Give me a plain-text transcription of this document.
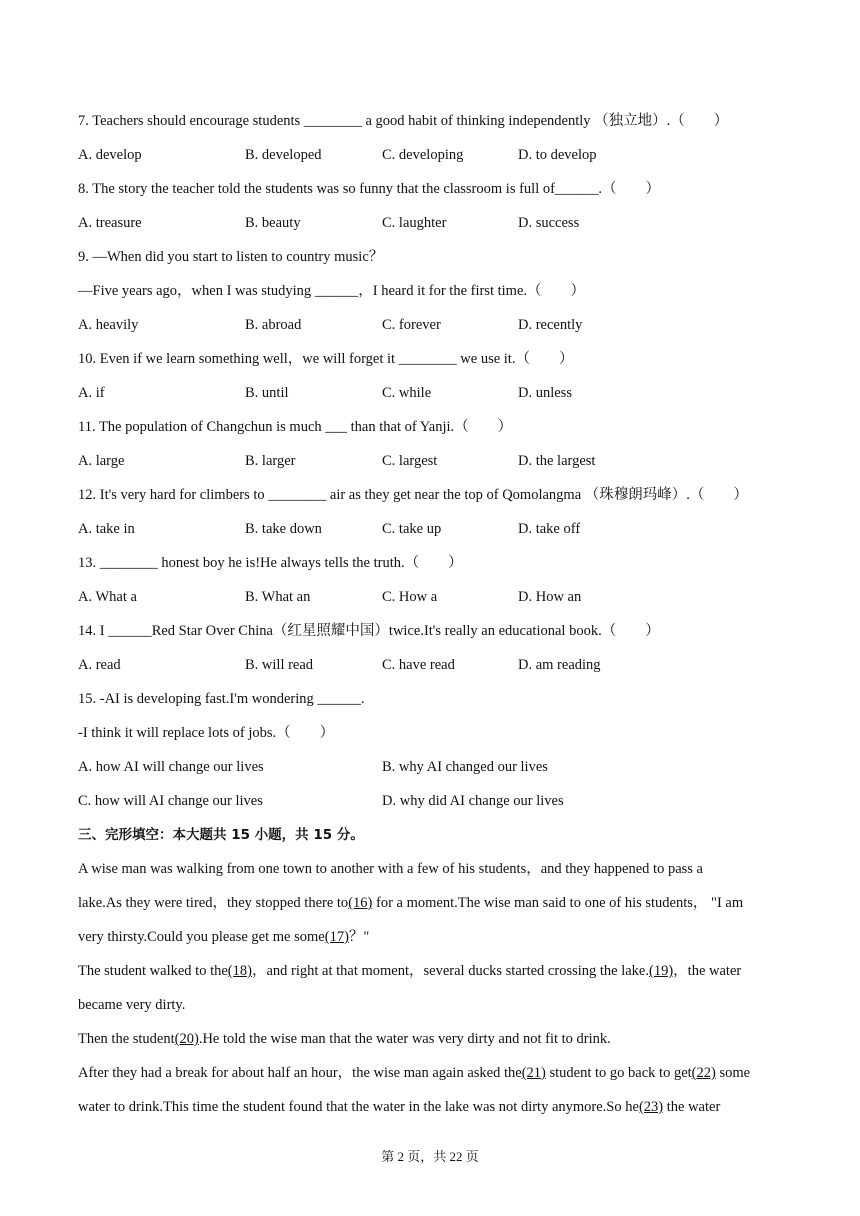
7. Teachers should encourage students ________ a good habit of thinking independently （独立地）.（　　）
A. develop	B. developed	C. developing	D. to develop
8. The story the teacher told the students was so funny that the classroom is full of______.（　　）
A. treasure	B. beauty	C. laughter	D. success
9. —When did you start to listen to country music？
—Five years ago，when I was studying ______，I heard it for the first time.（　　）
A. heavily	B. abroad	C. forever	D. recently
10. Even if we learn something well，we will forget it ________ we use it.（　　）
A. if	B. until	C. while	D. unless
11. The population of Changchun is much ___ than that of Yanji.（　　）
A. large	B. larger	C. largest	D. the largest
12. It's very hard for climbers to ________ air as they get near the top of Qomolangma （珠穆朗玛峰）.（　　）
A. take in	B. take down	C. take up	D. take off
13. ________ honest boy he is!He always tells the truth.（　　）
A. What a	B. What an	C. How a	D. How an
14. I ______Red Star Over China（红星照耀中国）twice.It's really an educational book.（　　）
A. read	B. will read	C. have read	D. am reading
15. -AI is developing fast.I'm wondering ______.
-I think it will replace lots of jobs.（　　）
A. how AI will change our lives	B. why AI changed our lives
C. how will AI change our lives	D. why did AI change our lives
三、完形填空：本大题共 15 小题，共 15 分。
A wise man was walking from one town to another with a few of his students，and they happened to pass a
lake.As they were tired，they stopped there to(16) for a moment.The wise man said to one of his students， "I am
very thirsty.Could you please get me some(17)？"
The student walked to the(18)，and right at that moment，several ducks started crossing the lake.(19)，the water
became very dirty.
Then the student(20).He told the wise man that the water was very dirty and not fit to drink.
After they had a break for about half an hour，the wise man again asked the(21) student to go back to get(22) some
water to drink.This time the student found that the water in the lake was not dirty anymore.So he(23) the water
第 2 页，共 22 页
